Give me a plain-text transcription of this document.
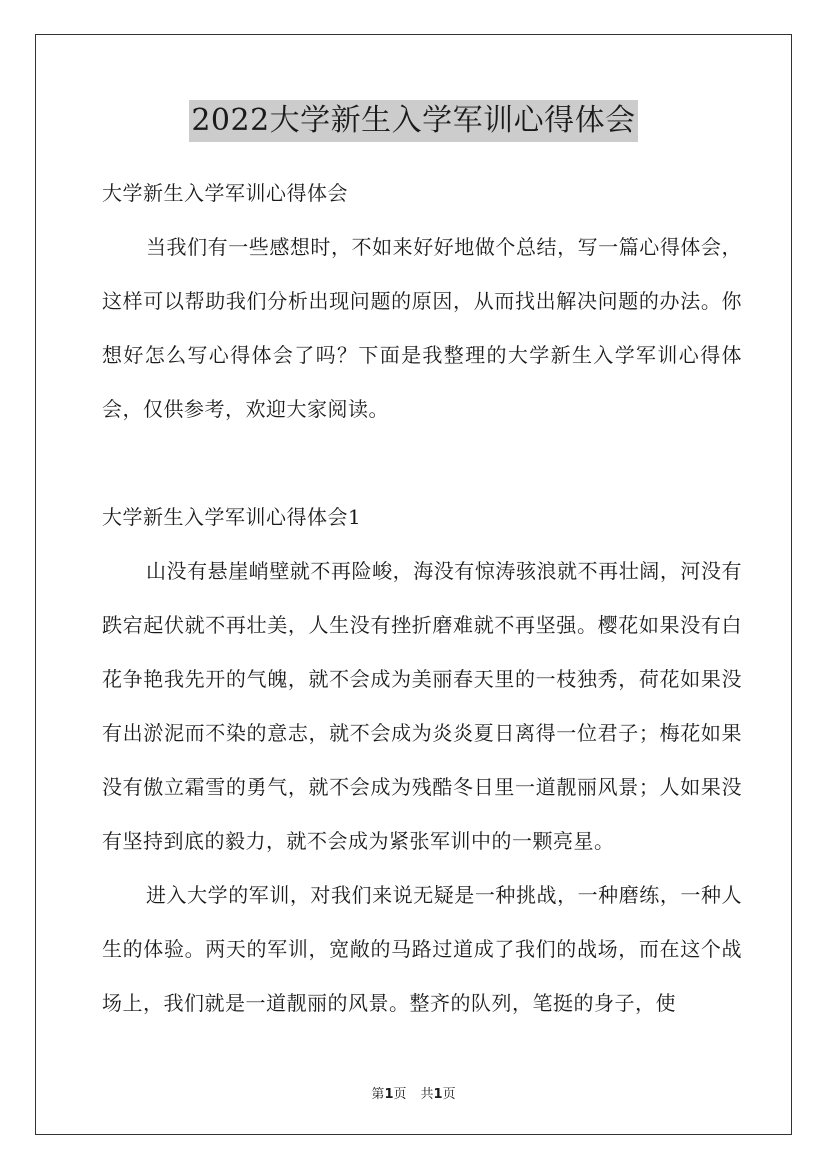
2022大学新生入学军训心得体会
大学新生入学军训心得体会

当我们有一些感想时，不如来好好地做个总结，写一篇心得体会，这样可以帮助我们分析出现问题的原因，从而找出解决问题的办法。你想好怎么写心得体会了吗？下面是我整理的大学新生入学军训心得体会，仅供参考，欢迎大家阅读。

大学新生入学军训心得体会1

山没有悬崖峭壁就不再险峻，海没有惊涛骇浪就不再壮阔，河没有跌宕起伏就不再壮美，人生没有挫折磨难就不再坚强。樱花如果没有白花争艳我先开的气魄，就不会成为美丽春天里的一枝独秀，荷花如果没有出淤泥而不染的意志，就不会成为炎炎夏日离得一位君子；梅花如果没有傲立霜雪的勇气，就不会成为残酷冬日里一道靓丽风景；人如果没有坚持到底的毅力，就不会成为紧张军训中的一颗亮星。

进入大学的军训，对我们来说无疑是一种挑战，一种磨练，一种人生的体验。两天的军训，宽敞的马路过道成了我们的战场，而在这个战场上，我们就是一道靓丽的风景。整齐的队列，笔挺的身子，使

第1页 共1页
